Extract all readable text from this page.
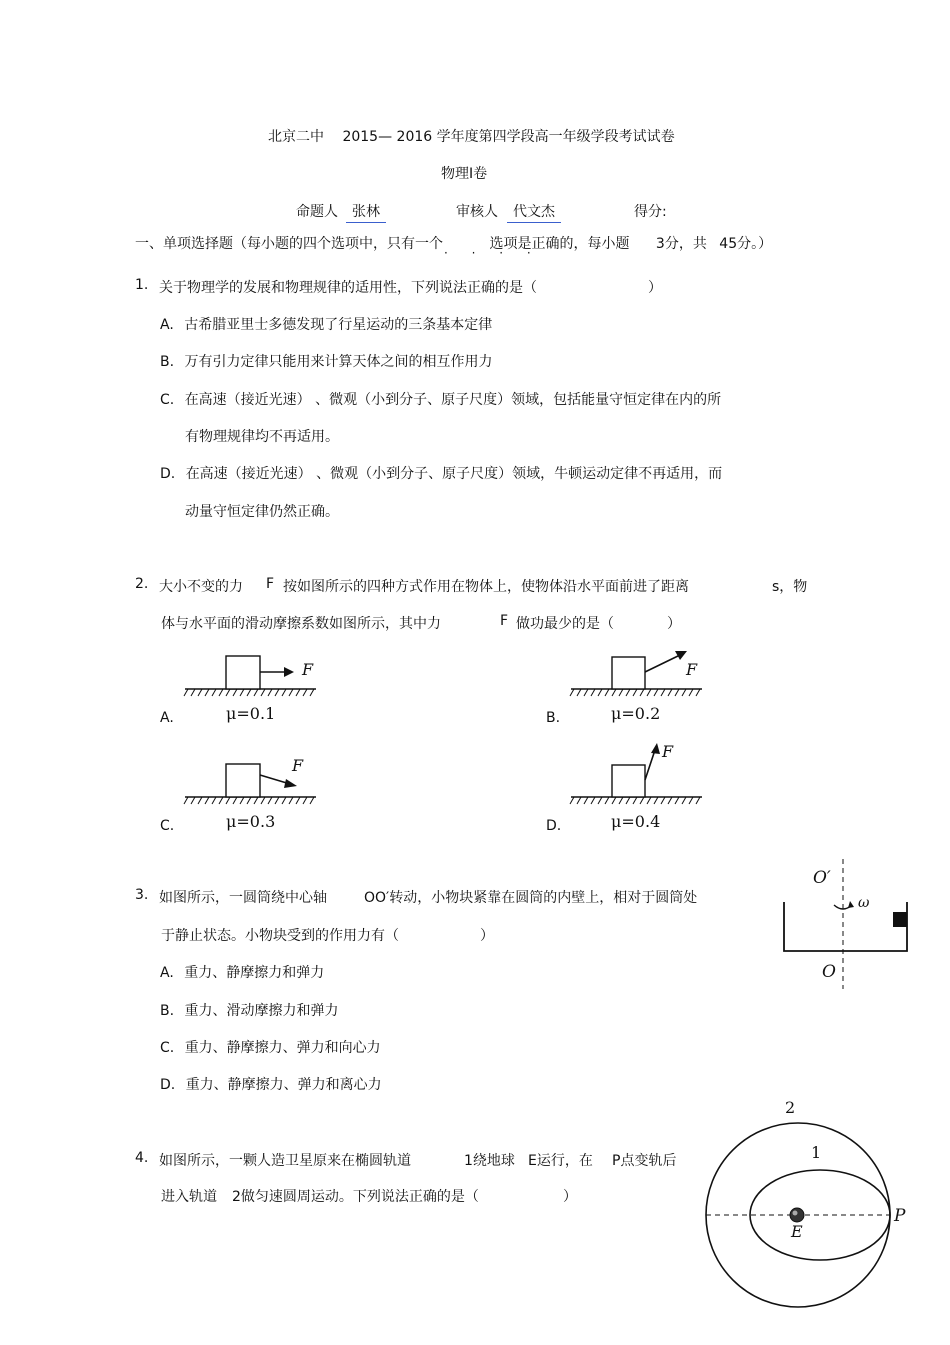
北京二中 2015— 2016 学年度第四学段高一年级学段考试试卷
物理Ⅰ卷
命题人	张林	审核人	代文杰	得分:
一、单项选择题（每小题的四个选项中，只有一个	选项是正确的，每小题 3分，共 45分。）
· · · ·
1. 关于物理学的发展和物理规律的适用性，下列说法正确的是（	）
A. 古希腊亚里士多德发现了行星运动的三条基本定律
B. 万有引力定律只能用来计算天体之间的相互作用力
C. 在高速（接近光速） 、微观（小到分子、原子尺度）领域，包括能量守恒定律在内的所
有物理规律均不再适用。
D. 在高速（接近光速） 、微观（小到分子、原子尺度）领域，牛顿运动定律不再适用，而
动量守恒定律仍然正确。
2. 大小不变的力 F 按如图所示的四种方式作用在物体上，使物体沿水平面前进了距离	s，物
体与水平面的滑动摩擦系数如图所示，其中力	F 做功最少的是（	）
A.
F
μ=0.1	B.
F
μ=0.2
C.
F
μ=0.3	D.
F
μ=0.4
3. 如图所示，一圆筒绕中心轴	OO′转动，小物块紧靠在圆筒的内壁上，相对于圆筒处
于静止状态。小物块受到的作用力有（	）
A. 重力、静摩擦力和弹力
B. 重力、滑动摩擦力和弹力
C. 重力、静摩擦力、弹力和向心力
D. 重力、静摩擦力、弹力和离心力
O′
O
ω
4. 如图所示，一颗人造卫星原来在椭圆轨道	1绕地球 E运行，在 P点变轨后
进入轨道 2做匀速圆周运动。下列说法正确的是（	）
2
1
E
P
